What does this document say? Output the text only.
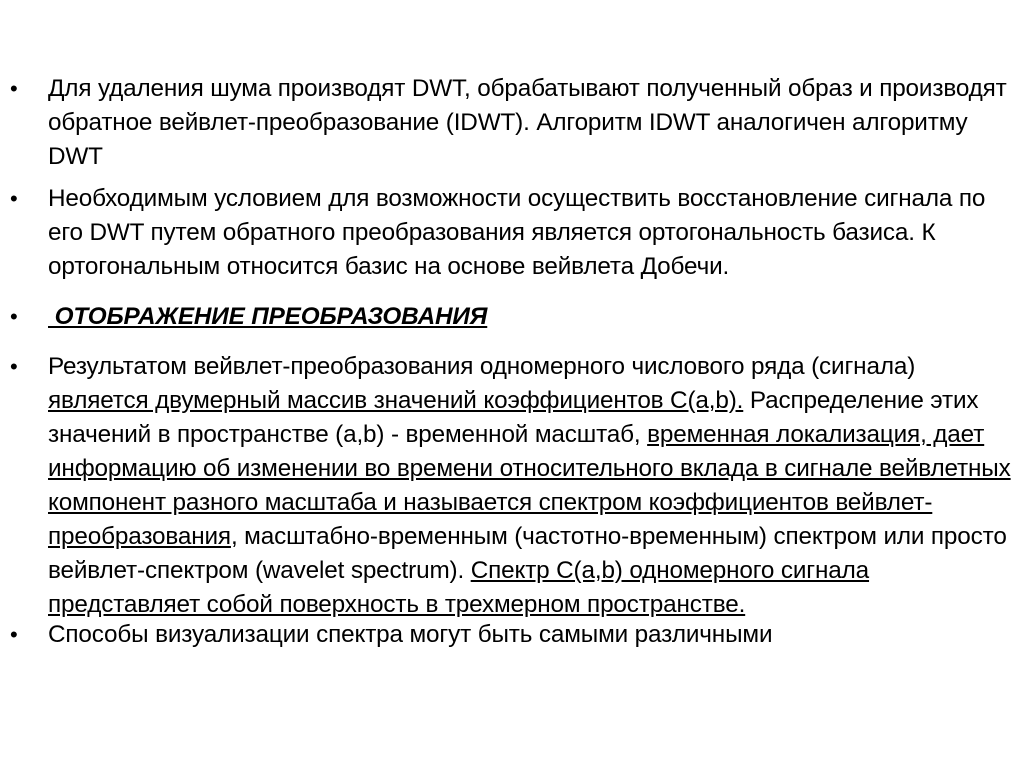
•	Для удаления шума производят DWT, обрабатывают полученный образ и производят обратное вейвлет-преобразование (IDWT). Алгоритм IDWT аналогичен алгоритму DWT
•	Необходимым условием для возможности осуществить восстановление сигнала по его DWT путем обратного преобразования является ортогональность базиса. К ортогональным относится базис на основе вейвлета Добечи.
•	ОТОБРАЖЕНИЕ ПРЕОБРАЗОВАНИЯ
•	Результатом вейвлет-преобразования одномерного числового ряда (сигнала) является двумерный массив значений коэффициентов C(a,b). Распределение этих значений в пространстве (a,b) - временной масштаб, временная локализация, дает информацию об изменении во времени относительного вклада в сигнале вейвлетных компонент разного масштаба и называется спектром коэффициентов вейвлет-преобразования, масштабно-временным (частотно-временным) спектром или просто вейвлет-спектром (wavelet spectrum). Спектр C(a,b) одномерного сигнала представляет собой поверхность в трехмерном пространстве.
•	Способы визуализации спектра могут быть самыми различными
